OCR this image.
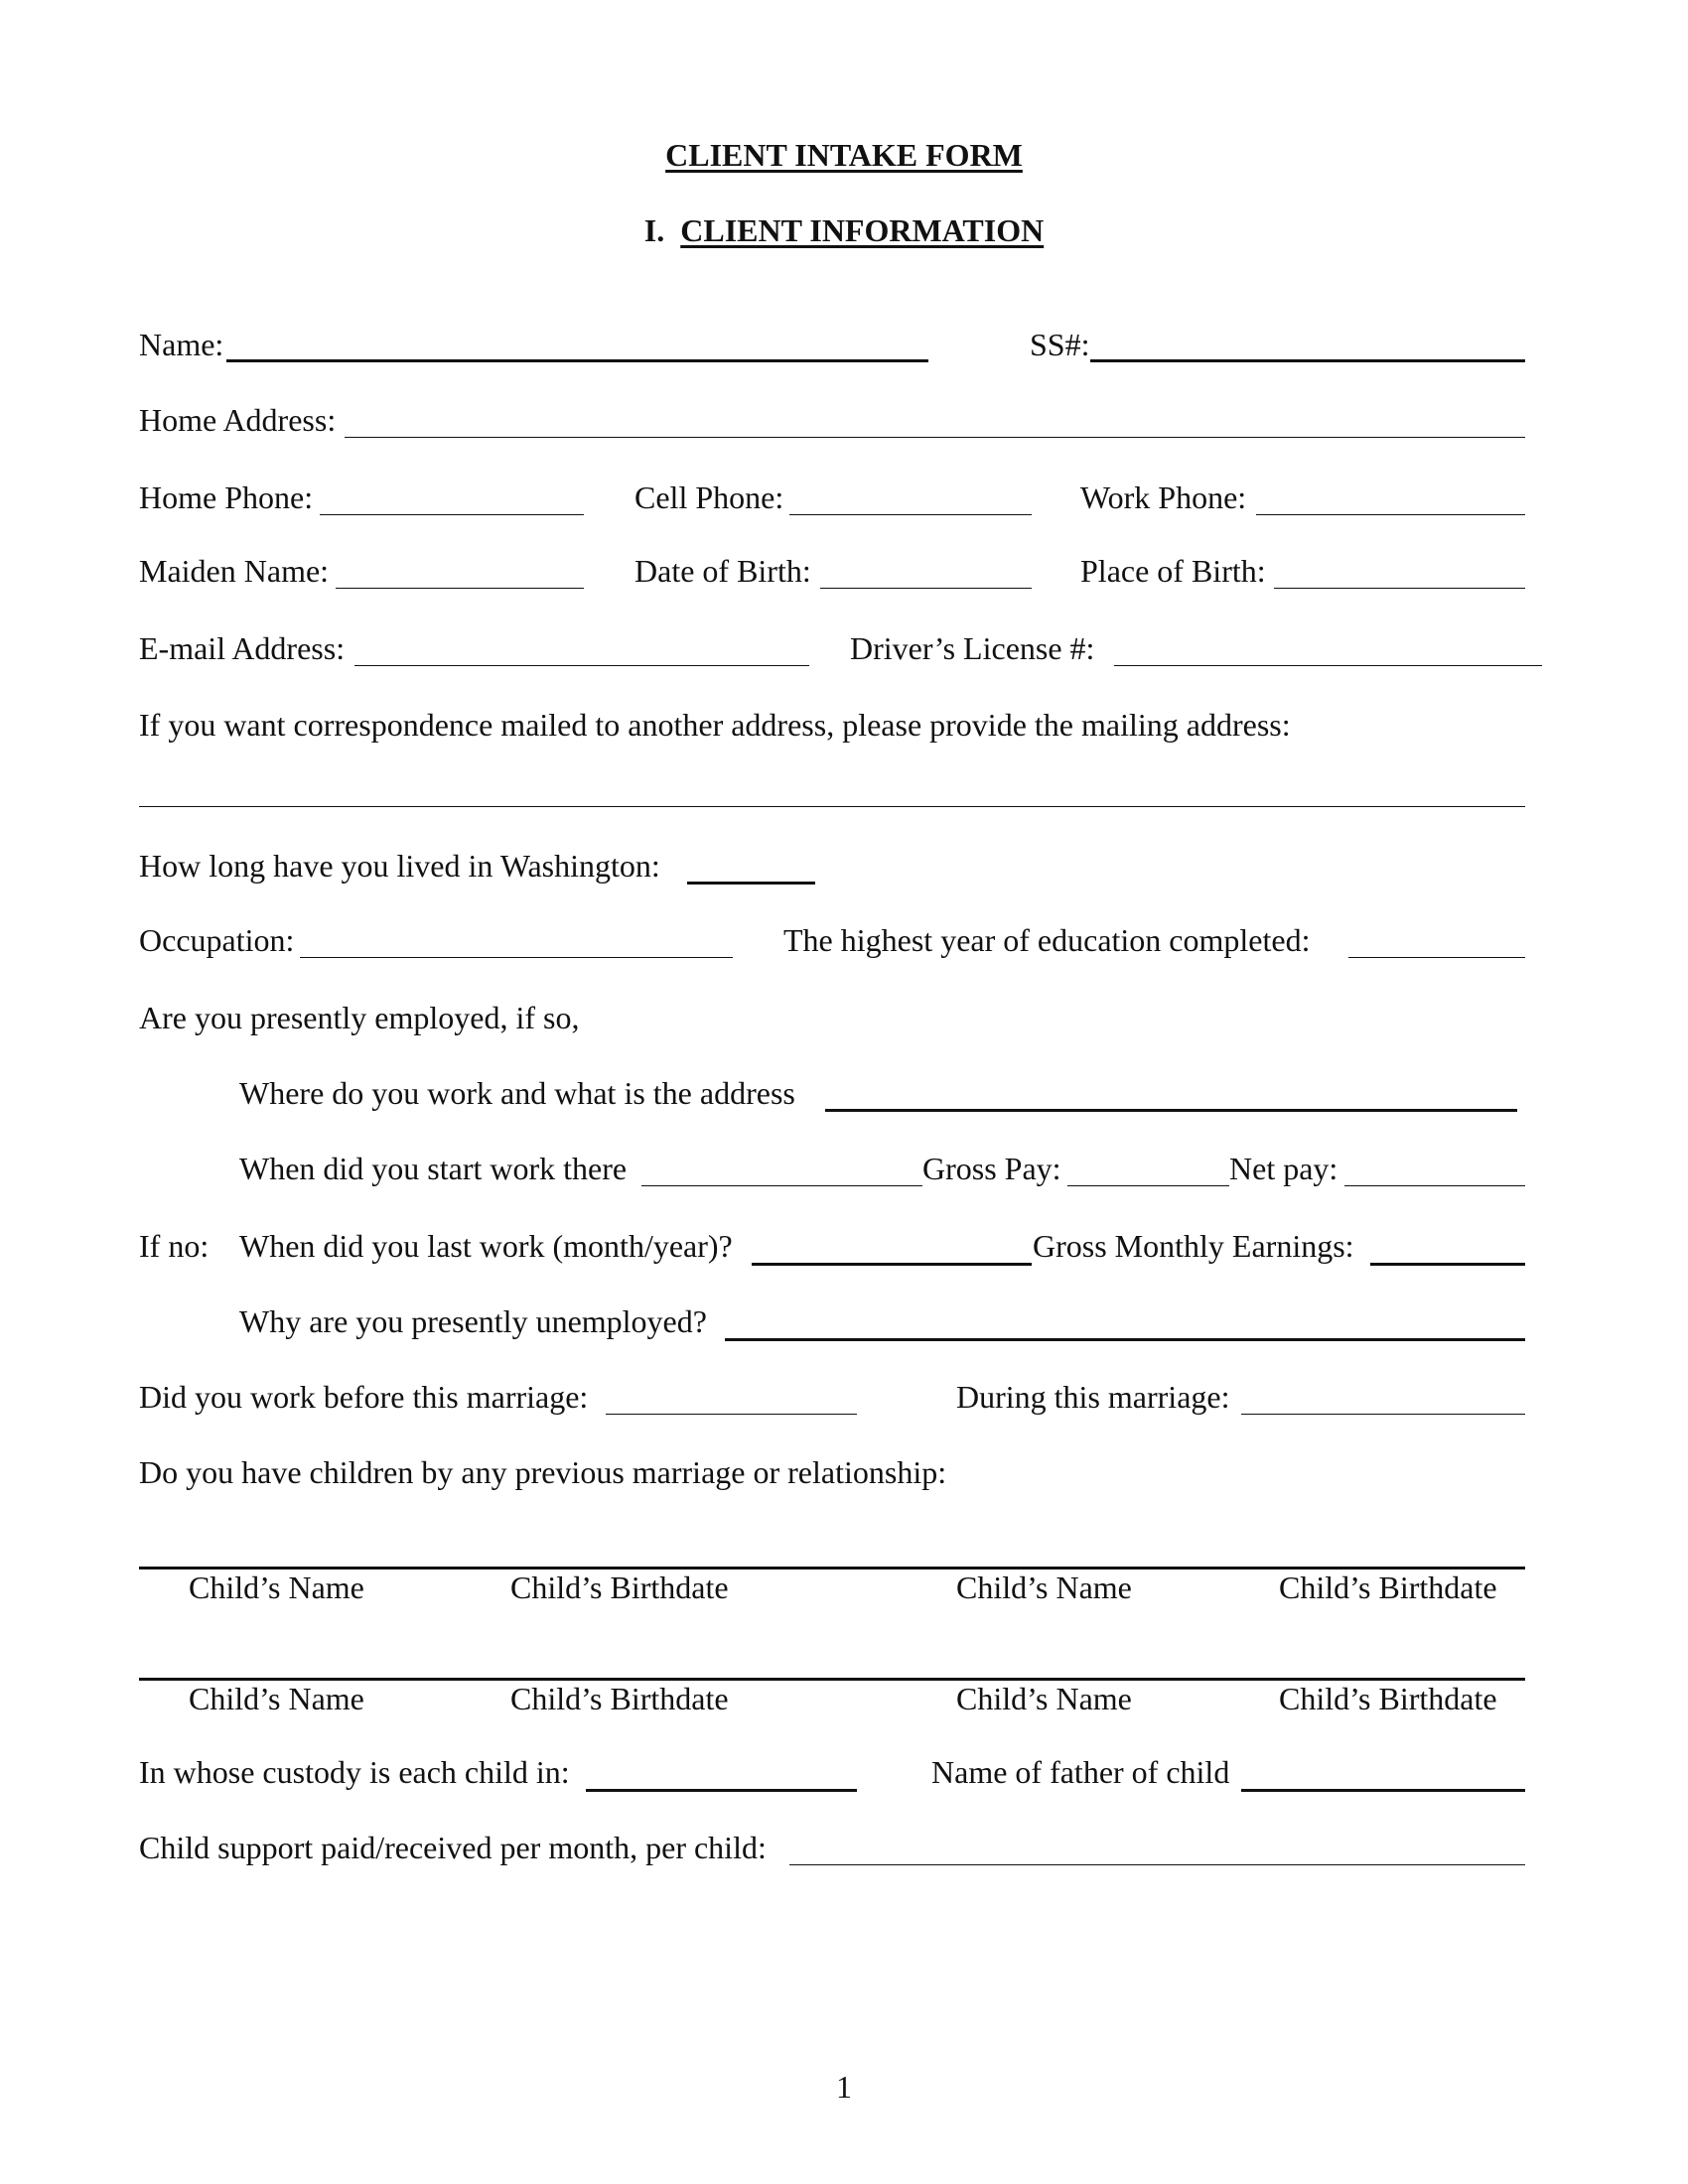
CLIENT INTAKE FORM
I. CLIENT INFORMATION
Name:	SS#:
Home Address:
Home Phone:	Cell Phone:	Work Phone:
Maiden Name:	Date of Birth:	Place of Birth:
E-mail Address:	Driver’s License #:
If you want correspondence mailed to another address, please provide the mailing address:
How long have you lived in Washington:
Occupation:	The highest year of education completed:
Are you presently employed, if so,
Where do you work and what is the address
When did you start work there	Gross Pay:	Net pay:
If no: When did you last work (month/year)?	Gross Monthly Earnings:
Why are you presently unemployed?
Did you work before this marriage:	During this marriage:
Do you have children by any previous marriage or relationship:
Child’s Name	Child’s Birthdate	Child’s Name	Child’s Birthdate
Child’s Name	Child’s Birthdate	Child’s Name	Child’s Birthdate
In whose custody is each child in:	Name of father of child
Child support paid/received per month, per child:
1
